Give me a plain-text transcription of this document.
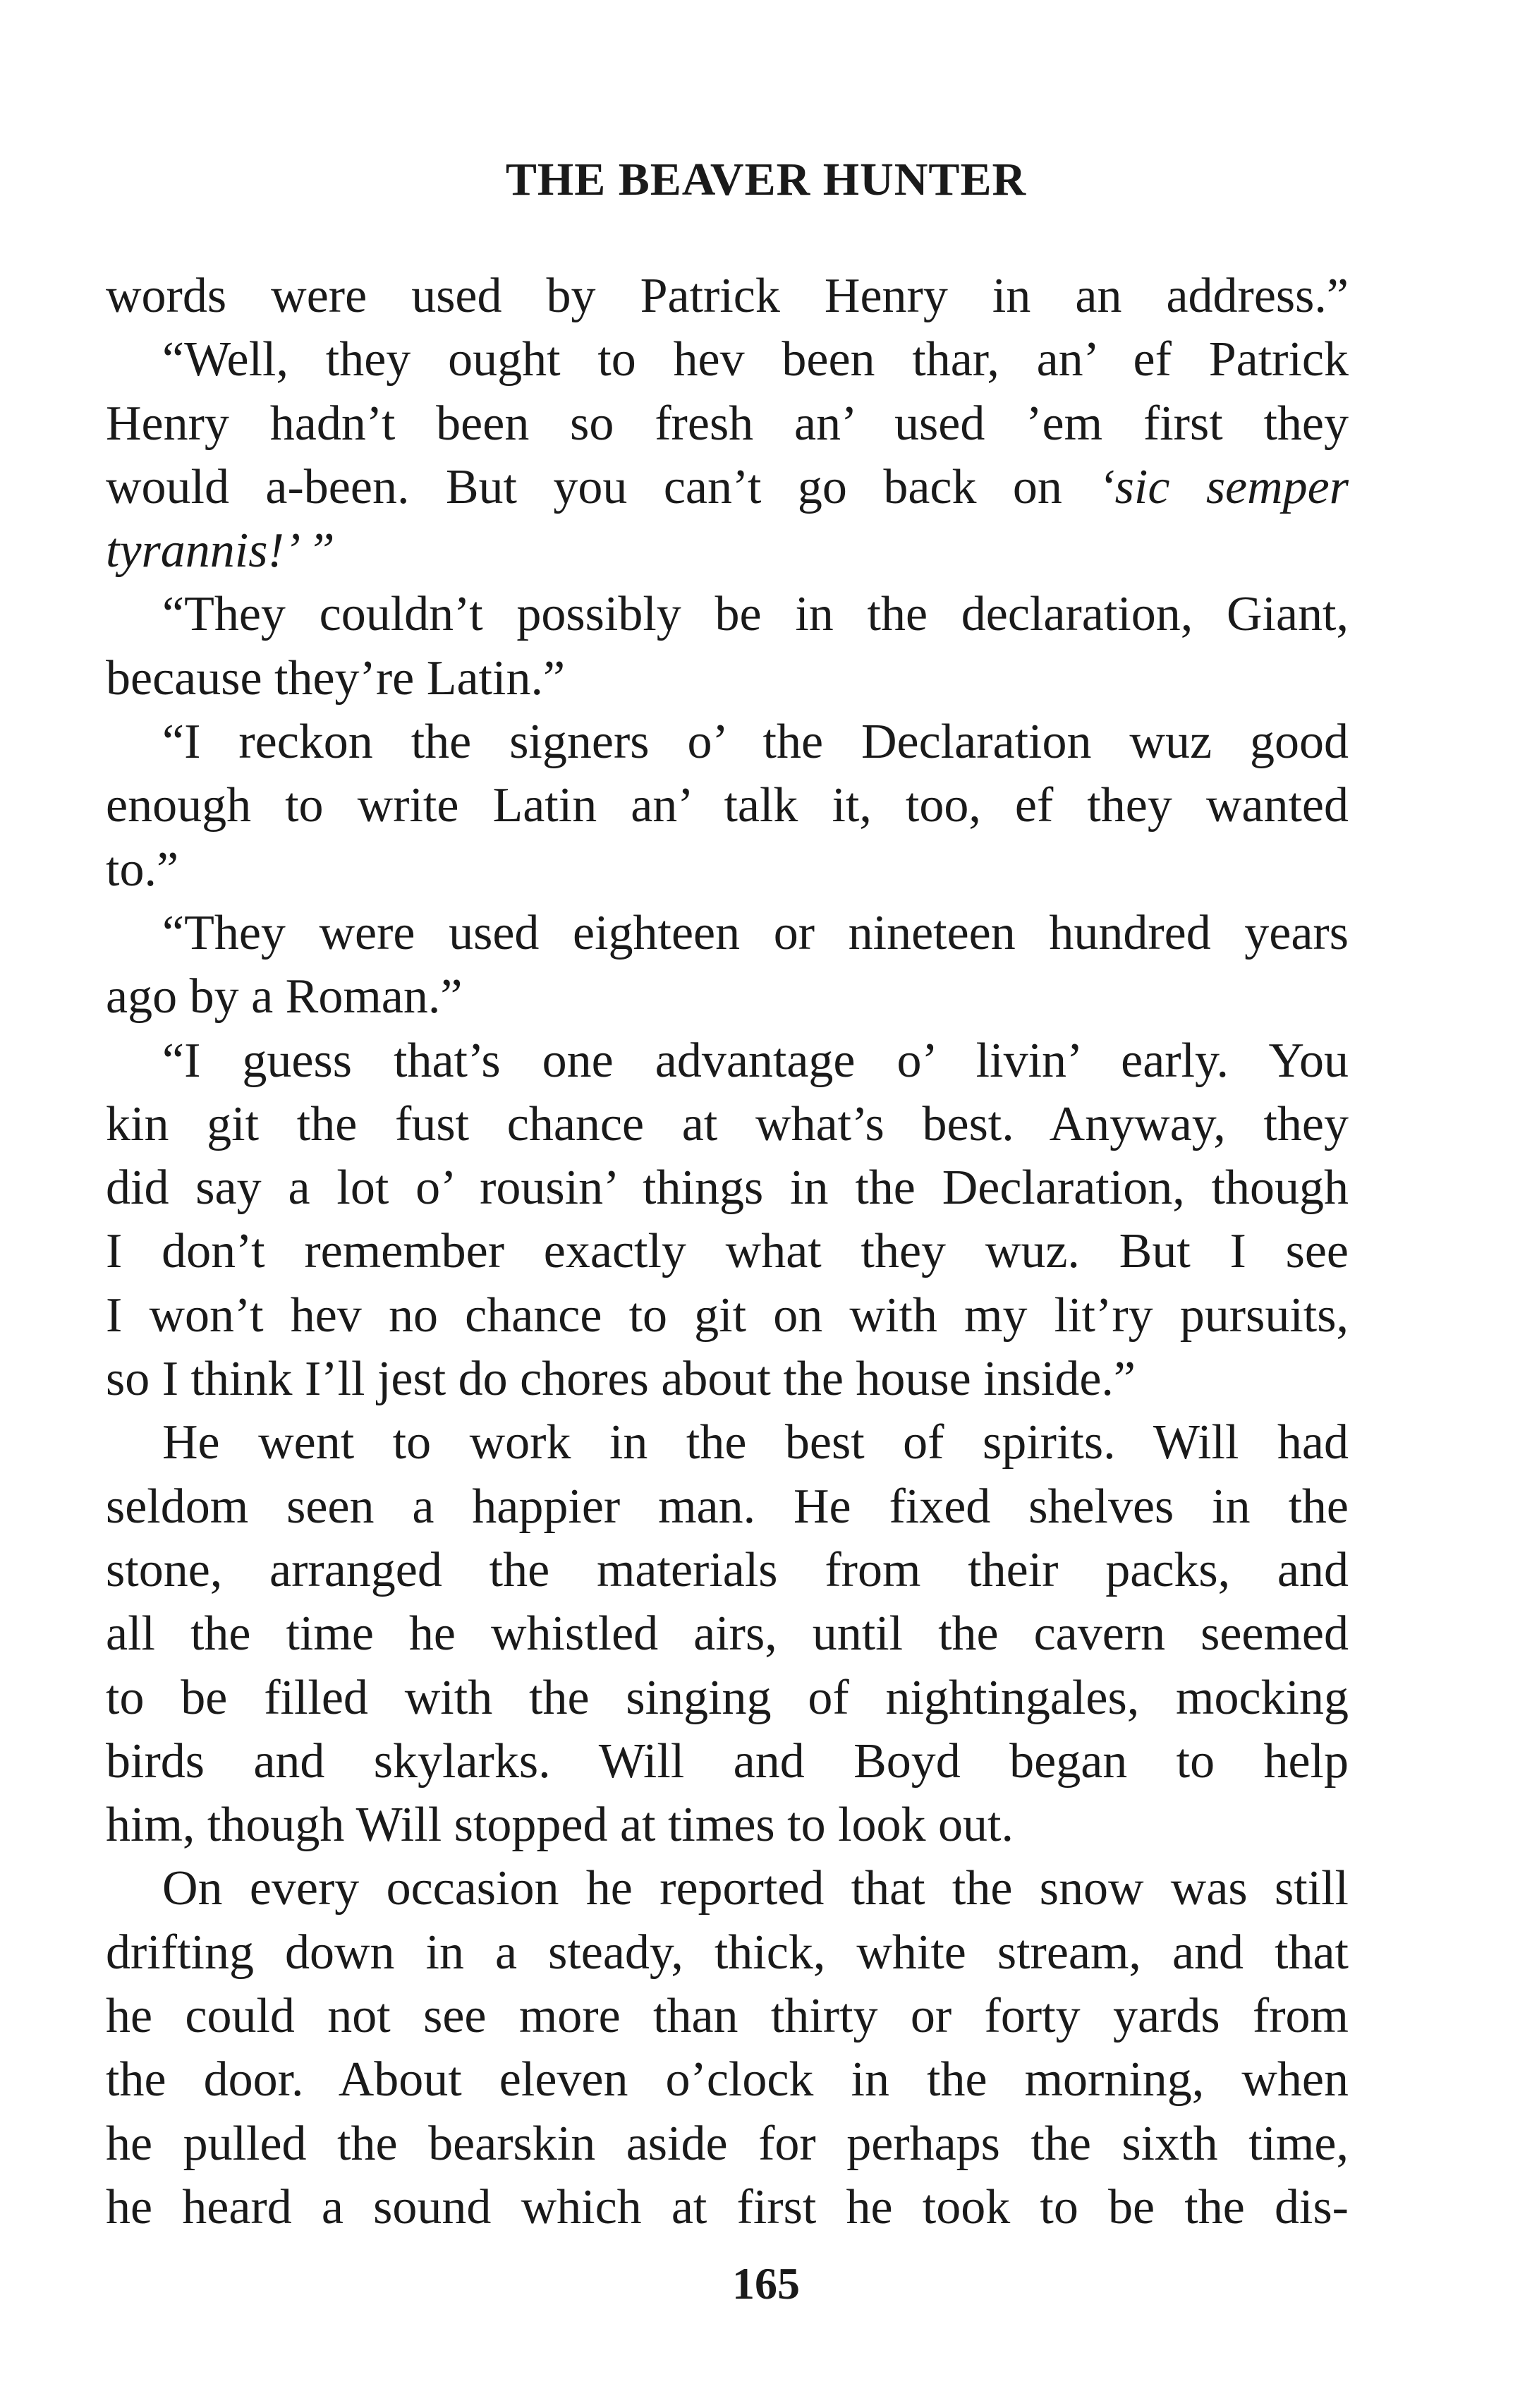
THE BEAVER HUNTER
words were used by Patrick Henry in an address.”
“Well, they ought to hev been thar, an’ ef Patrick
Henry hadn’t been so fresh an’ used ’em first they
would a-been. But you can’t go back on ‘sic semper
tyrannis!’ ”
“They couldn’t possibly be in the declaration, Giant,
because they’re Latin.”
“I reckon the signers o’ the Declaration wuz good
enough to write Latin an’ talk it, too, ef they wanted
to.”
“They were used eighteen or nineteen hundred years
ago by a Roman.”
“I guess that’s one advantage o’ livin’ early. You
kin git the fust chance at what’s best. Anyway, they
did say a lot o’ rousin’ things in the Declaration, though
I don’t remember exactly what they wuz. But I see
I won’t hev no chance to git on with my lit’ry pursuits,
so I think I’ll jest do chores about the house inside.”
He went to work in the best of spirits. Will had
seldom seen a happier man. He fixed shelves in the
stone, arranged the materials from their packs, and
all the time he whistled airs, until the cavern seemed
to be filled with the singing of nightingales, mocking
birds and skylarks. Will and Boyd began to help
him, though Will stopped at times to look out.
On every occasion he reported that the snow was still
drifting down in a steady, thick, white stream, and that
he could not see more than thirty or forty yards from
the door. About eleven o’clock in the morning, when
he pulled the bearskin aside for perhaps the sixth time,
he heard a sound which at first he took to be the dis-
165
